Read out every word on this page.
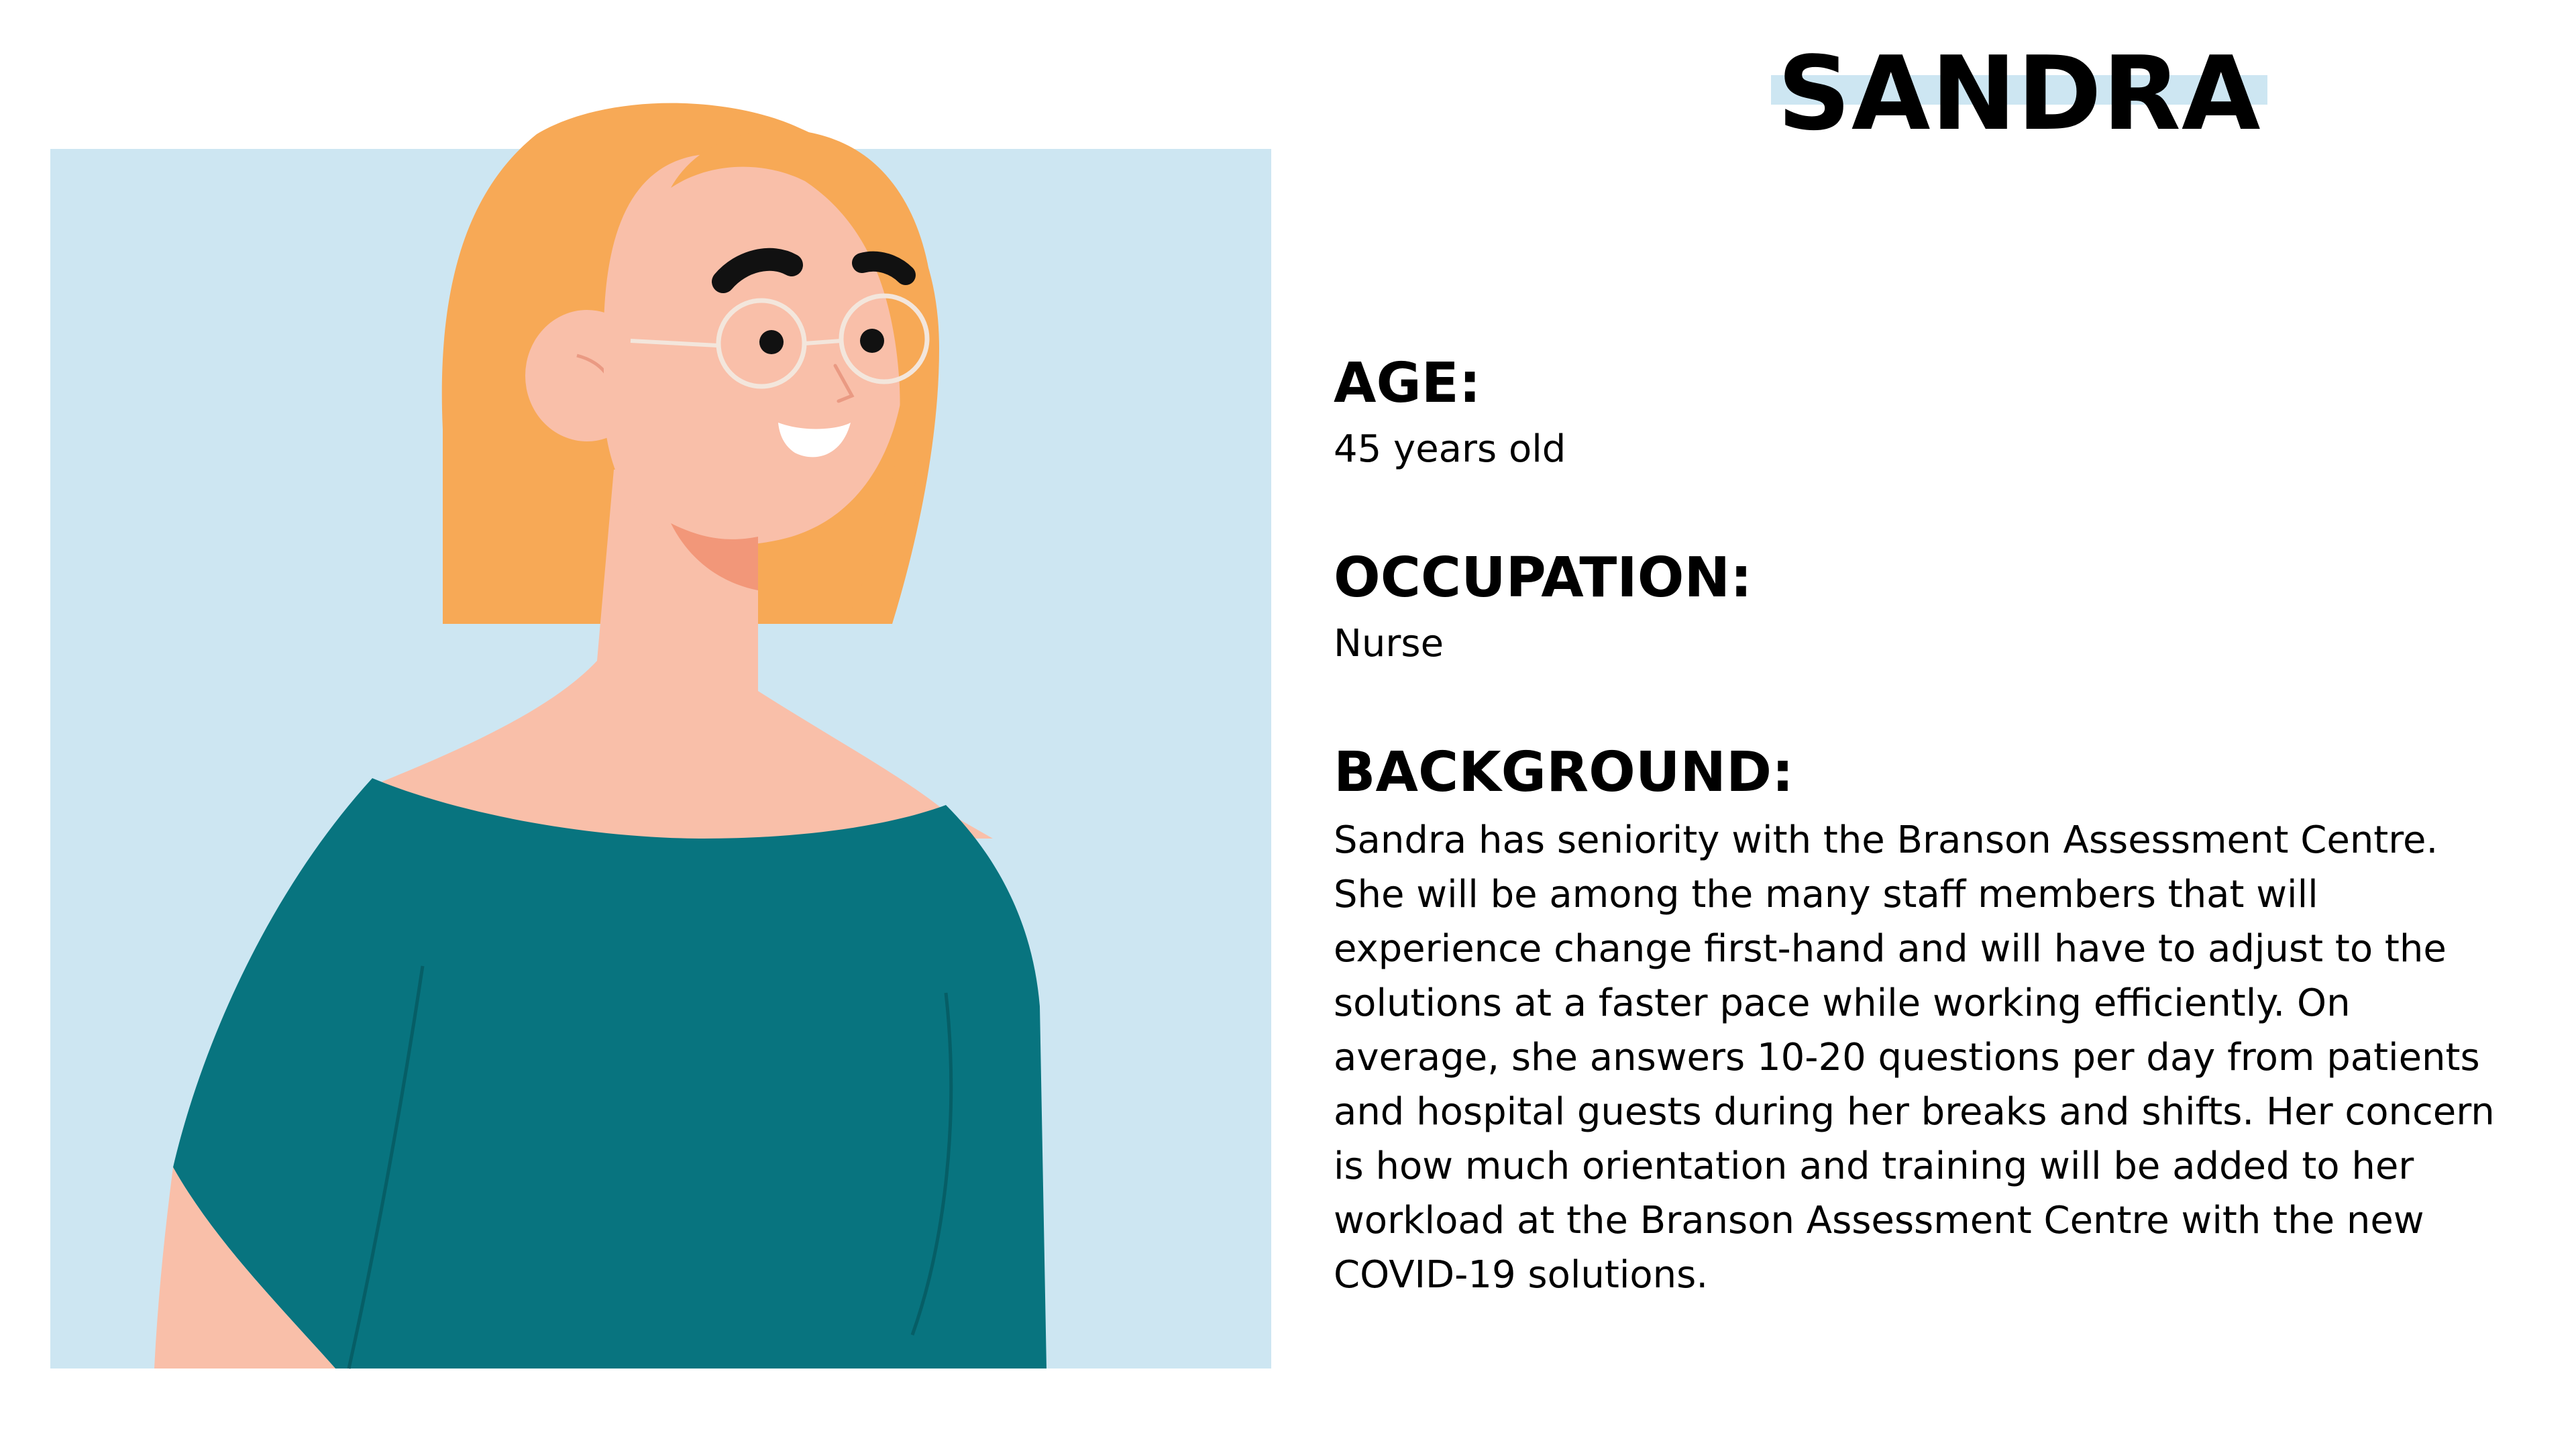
SANDRA
AGE:

45 years old

OCCUPATION:

Nurse

BACKGROUND:

Sandra has seniority with the Branson Assessment Centre. She will be among the many staff members that will experience change first-hand and will have to adjust to the solutions at a faster pace while working efficiently. On average, she answers 10-20 questions per day from patients and hospital guests during her breaks and shifts. Her concern is how much orientation and training will be added to her workload at the Branson Assessment Centre with the new COVID-19 solutions.
